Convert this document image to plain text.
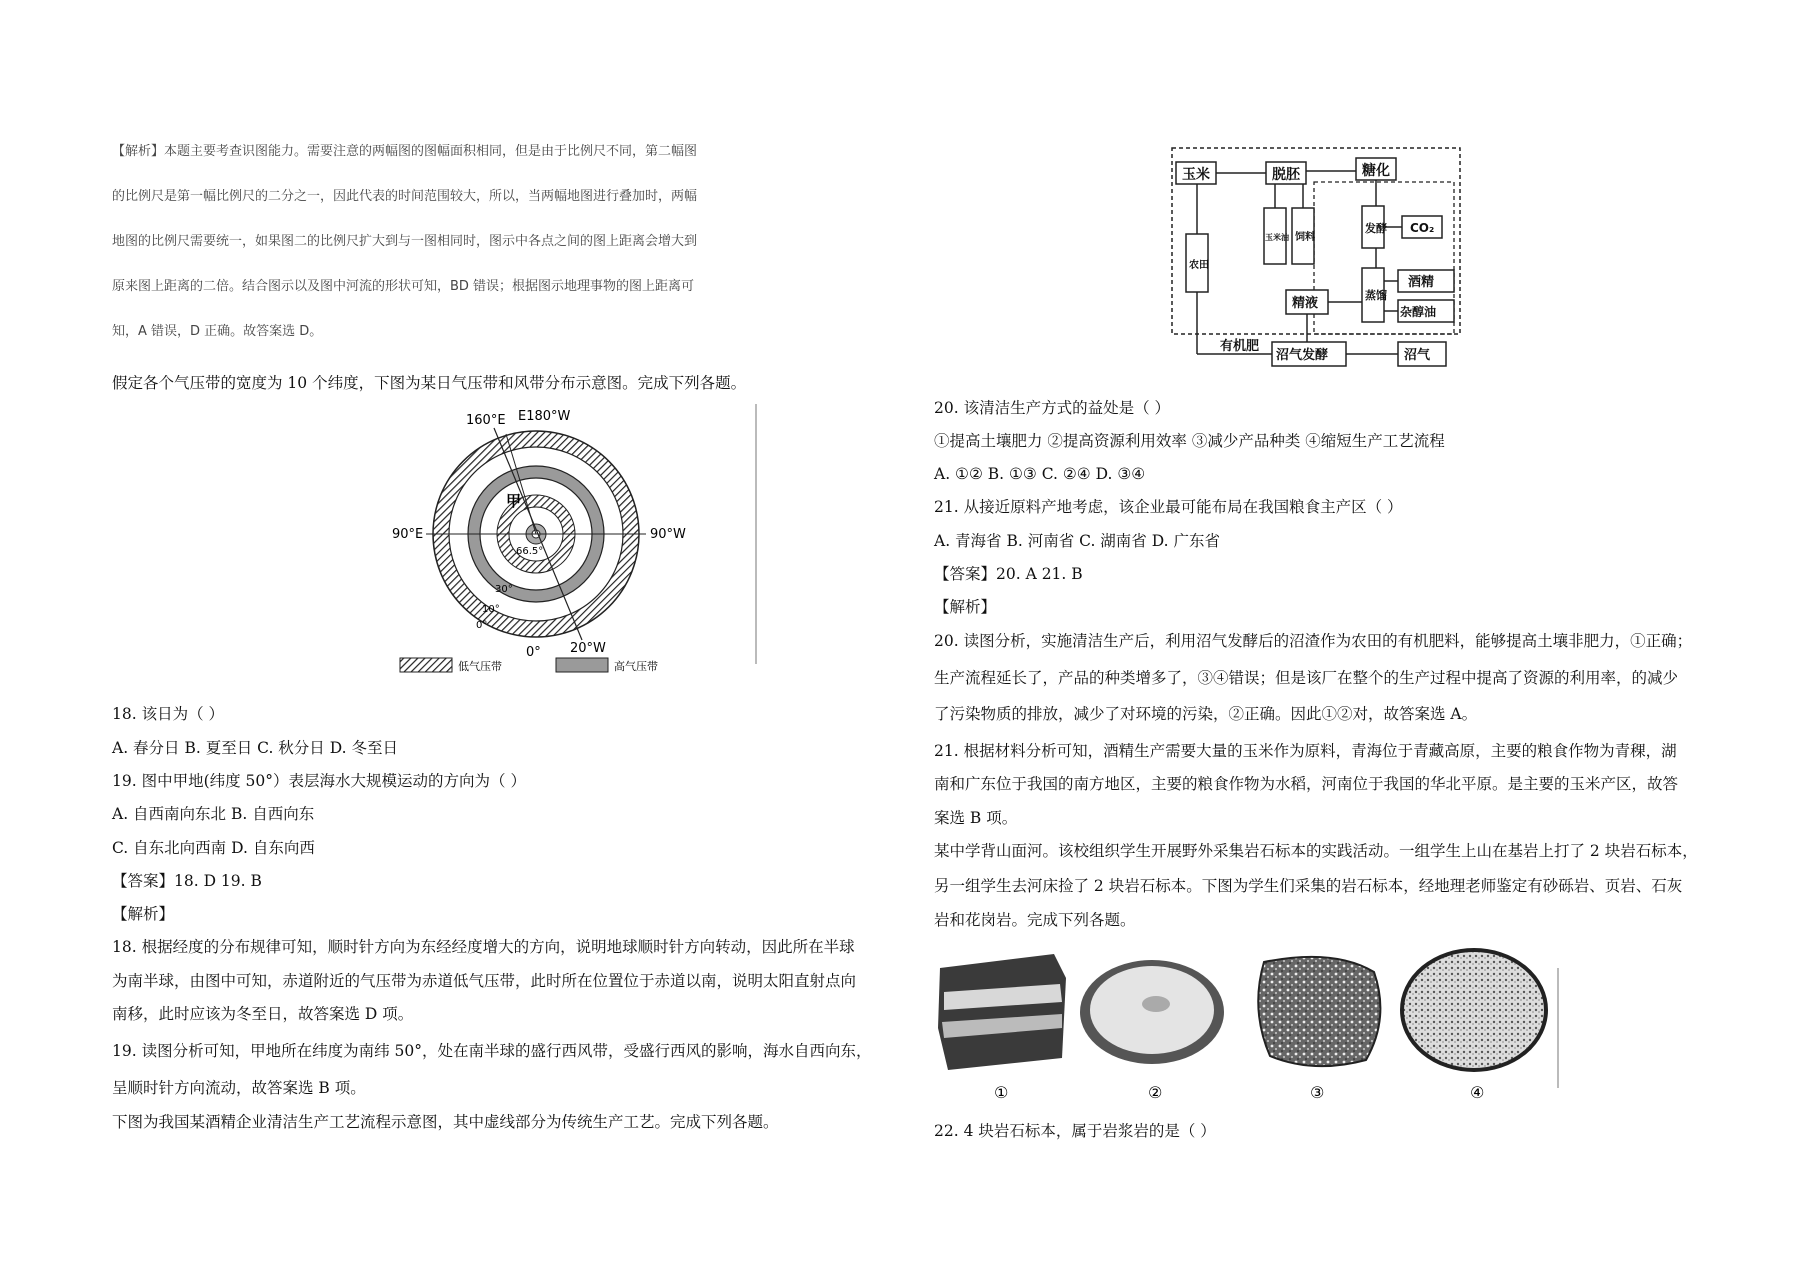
【解析】本题主要考查识图能力。需要注意的两幅图的图幅面积相同，但是由于比例尺不同，第二幅图
的比例尺是第一幅比例尺的二分之一，因此代表的时间范围较大，所以，当两幅地图进行叠加时，两幅
地图的比例尺需要统一，如果图二的比例尺扩大到与一图相同时，图示中各点之间的图上距离会增大到
原来图上距离的二倍。结合图示以及图中河流的形状可知，BD 错误；根据图示地理事物的图上距离可
知，A 错误，D 正确。故答案选 D。
假定各个气压带的宽度为 10 个纬度，下图为某日气压带和风带分布示意图。完成下列各题。
160°E E180°W
90°E	90°W
0° 20°W
甲
66.5°
30°
10°
0°
低气压带	高气压带
18. 该日为（ ）
A. 春分日 B. 夏至日 C. 秋分日 D. 冬至日
19. 图中甲地(纬度 50°）表层海水大规模运动的方向为（ ）
A. 自西南向东北 B. 自西向东
C. 自东北向西南 D. 自东向西
【答案】18. D 19. B
【解析】
18. 根据经度的分布规律可知，顺时针方向为东经经度增大的方向，说明地球顺时针方向转动，因此所在半球
为南半球，由图中可知，赤道附近的气压带为赤道低气压带，此时所在位置位于赤道以南，说明太阳直射点向
南移，此时应该为冬至日，故答案选 D 项。
19. 读图分析可知，甲地所在纬度为南纬 50°，处在南半球的盛行西风带，受盛行西风的影响，海水自西向东，
呈顺时针方向流动，故答案选 B 项。
下图为我国某酒精企业清洁生产工艺流程示意图，其中虚线部分为传统生产工艺。完成下列各题。
玉米	脱胚	糖化
发酵 CO₂
玉米油 饲料
农田
精液
蒸馏
酒精
杂醇油
沼气发酵	沼气
有机肥
20. 该清洁生产方式的益处是（ ）
①提高土壤肥力 ②提高资源利用效率 ③减少产品种类 ④缩短生产工艺流程
A. ①② B. ①③ C. ②④ D. ③④
21. 从接近原料产地考虑，该企业最可能布局在我国粮食主产区（ ）
A. 青海省 B. 河南省 C. 湖南省 D. 广东省
【答案】20. A 21. B
【解析】
20. 读图分析，实施清洁生产后，利用沼气发酵后的沼渣作为农田的有机肥料，能够提高土壤非肥力，①正确；
生产流程延长了，产品的种类增多了，③④错误；但是该厂在整个的生产过程中提高了资源的利用率，的减少
了污染物质的排放，减少了对环境的污染，②正确。因此①②对，故答案选 A。
21. 根据材料分析可知，酒精生产需要大量的玉米作为原料，青海位于青藏高原，主要的粮食作物为青稞，湖
南和广东位于我国的南方地区，主要的粮食作物为水稻，河南位于我国的华北平原。是主要的玉米产区，故答
案选 B 项。
某中学背山面河。该校组织学生开展野外采集岩石标本的实践活动。一组学生上山在基岩上打了 2 块岩石标本，
另一组学生去河床捡了 2 块岩石标本。下图为学生们采集的岩石标本，经地理老师鉴定有砂砾岩、页岩、石灰
岩和花岗岩。完成下列各题。
①	②	③	④
22. 4 块岩石标本，属于岩浆岩的是（ ）
